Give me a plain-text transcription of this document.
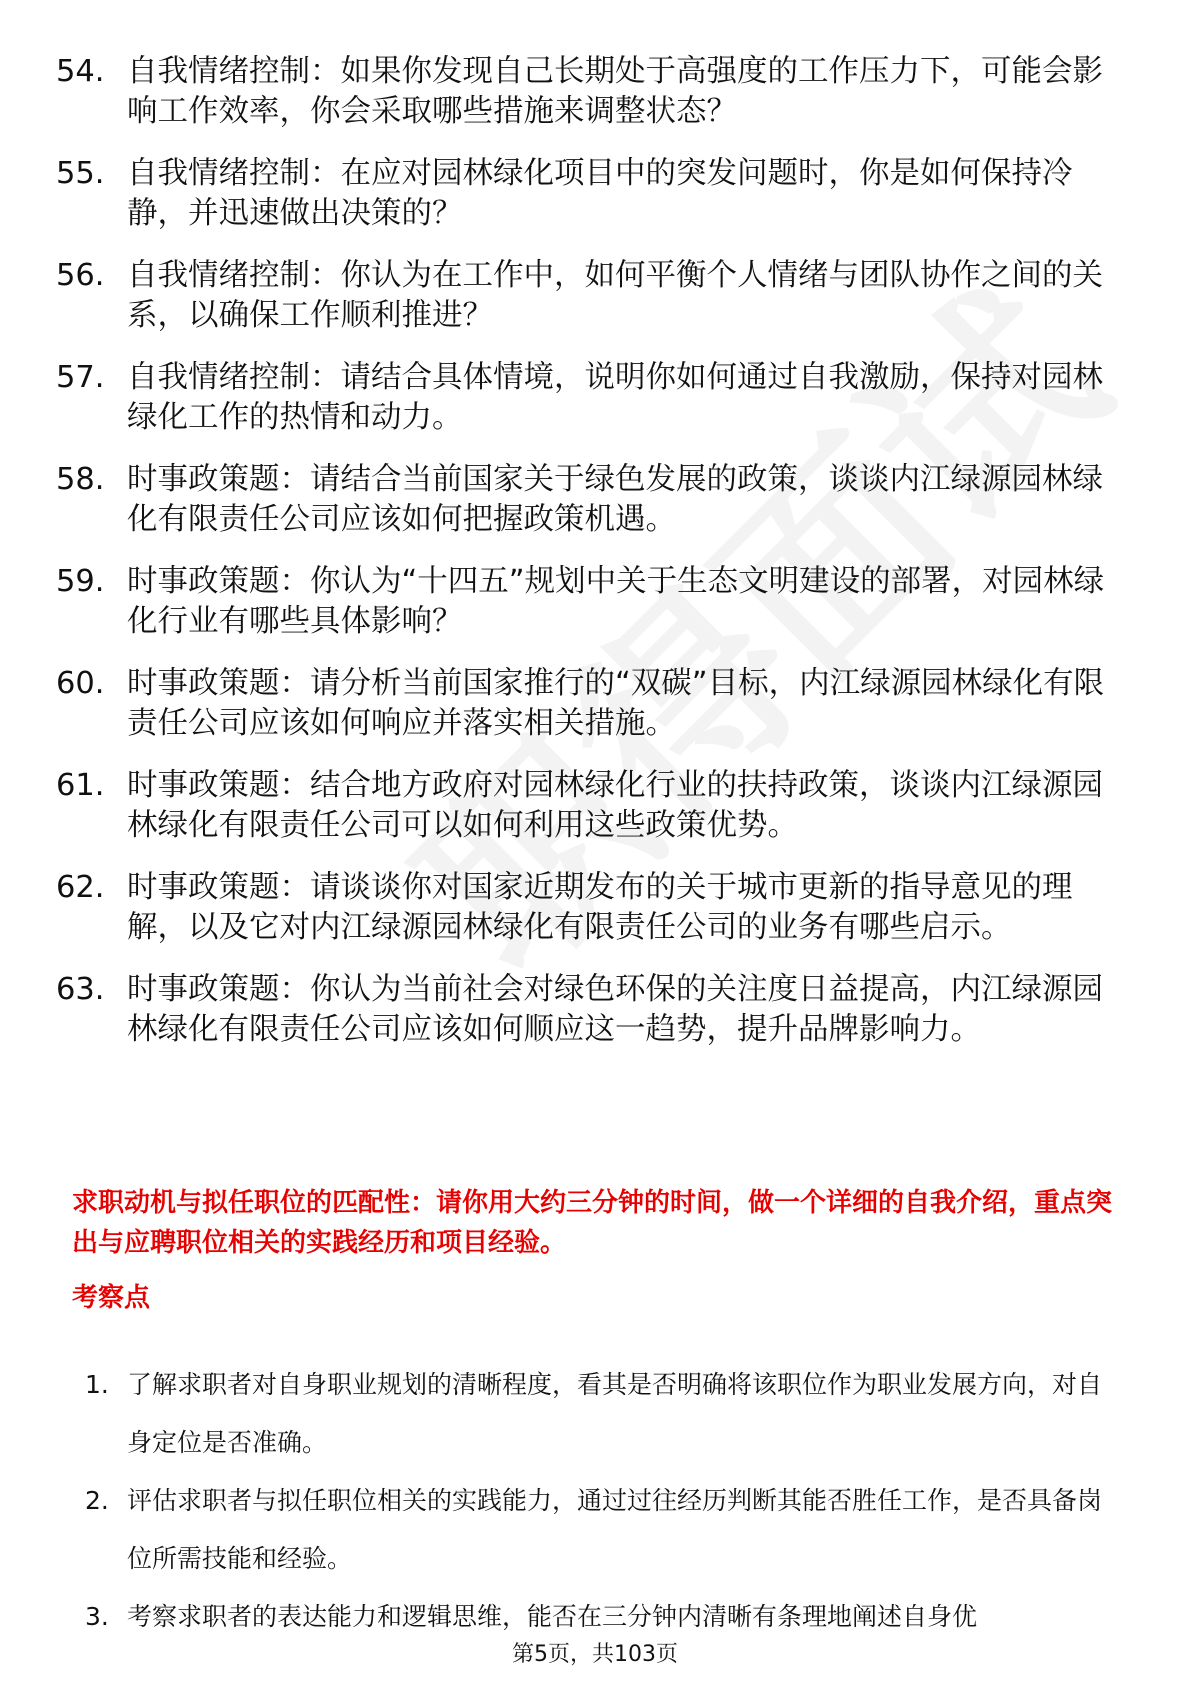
54. 自我情绪控制：如果你发现自己长期处于高强度的工作压力下，可能会影响工作效率，你会采取哪些措施来调整状态？
55. 自我情绪控制：在应对园林绿化项目中的突发问题时，你是如何保持冷静，并迅速做出决策的？
56. 自我情绪控制：你认为在工作中，如何平衡个人情绪与团队协作之间的关系，以确保工作顺利推进？
57. 自我情绪控制：请结合具体情境，说明你如何通过自我激励，保持对园林绿化工作的热情和动力。
58. 时事政策题：请结合当前国家关于绿色发展的政策，谈谈内江绿源园林绿化有限责任公司应该如何把握政策机遇。
59. 时事政策题：你认为“十四五”规划中关于生态文明建设的部署，对园林绿化行业有哪些具体影响？
60. 时事政策题：请分析当前国家推行的“双碳”目标，内江绿源园林绿化有限责任公司应该如何响应并落实相关措施。
61. 时事政策题：结合地方政府对园林绿化行业的扶持政策，谈谈内江绿源园林绿化有限责任公司可以如何利用这些政策优势。
62. 时事政策题：请谈谈你对国家近期发布的关于城市更新的指导意见的理解，以及它对内江绿源园林绿化有限责任公司的业务有哪些启示。
63. 时事政策题：你认为当前社会对绿色环保的关注度日益提高，内江绿源园林绿化有限责任公司应该如何顺应这一趋势，提升品牌影响力。
求职动机与拟任职位的匹配性：请你用大约三分钟的时间，做一个详细的自我介绍，重点突出与应聘职位相关的实践经历和项目经验。
考察点
1. 了解求职者对自身职业规划的清晰程度，看其是否明确将该职位作为职业发展方向，对自身定位是否准确。
2. 评估求职者与拟任职位相关的实践能力，通过过往经历判断其能否胜任工作，是否具备岗位所需技能和经验。
3. 考察求职者的表达能力和逻辑思维，能否在三分钟内清晰有条理地阐述自身优
第5页，共103页
